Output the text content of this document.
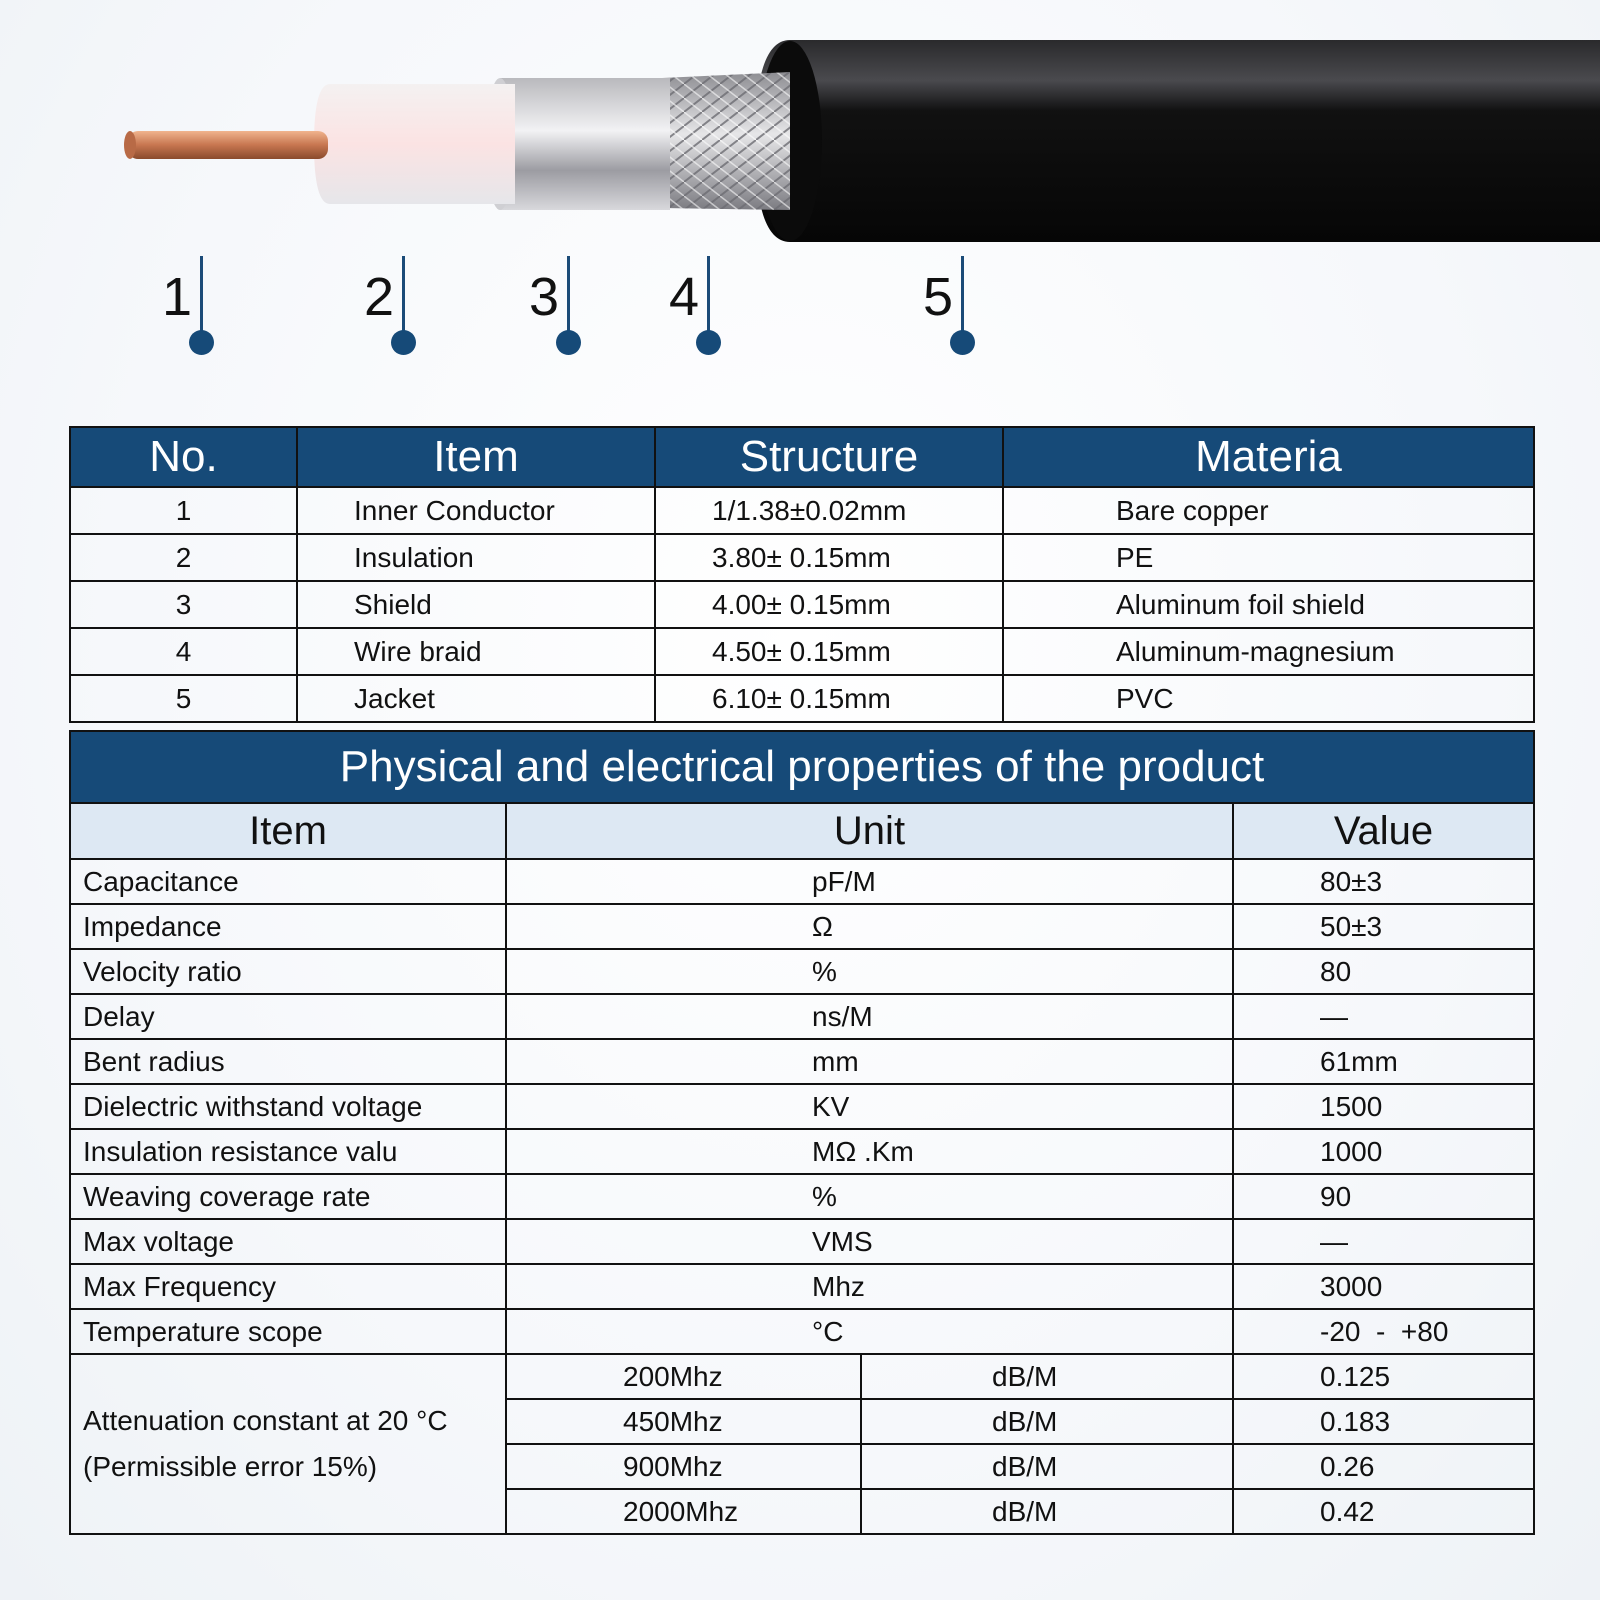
1	2 3 4	5
No.	Item	Structure	Materia
1	Inner Conductor	1/1.38±0.02mm	Bare copper
2	Insulation	3.80± 0.15mm	PE
3	Shield	4.00± 0.15mm	Aluminum foil shield
4	Wire braid	4.50± 0.15mm	Aluminum-magnesium
5	Jacket	6.10± 0.15mm	PVC
Physical and electrical properties of the product			
Item	Unit		Value
Capacitance	pF/M		80±3
Impedance	Ω		50±3
Velocity ratio	%		80
Delay	ns/M		—
Bent radius	mm		61mm
Dielectric withstand voltage	KV		1500
Insulation resistance valu	MΩ .Km		1000
Weaving coverage rate	%		90
Max voltage	VMS		—
Max Frequency	Mhz		3000
Temperature scope	°C		-20  -  +80

Attenuation constant at 20 °C
(Permissible error 15%)	200Mhz	dB/M	0.125
	450Mhz	dB/M	0.183
	900Mhz	dB/M	0.26
	2000Mhz	dB/M	0.42
